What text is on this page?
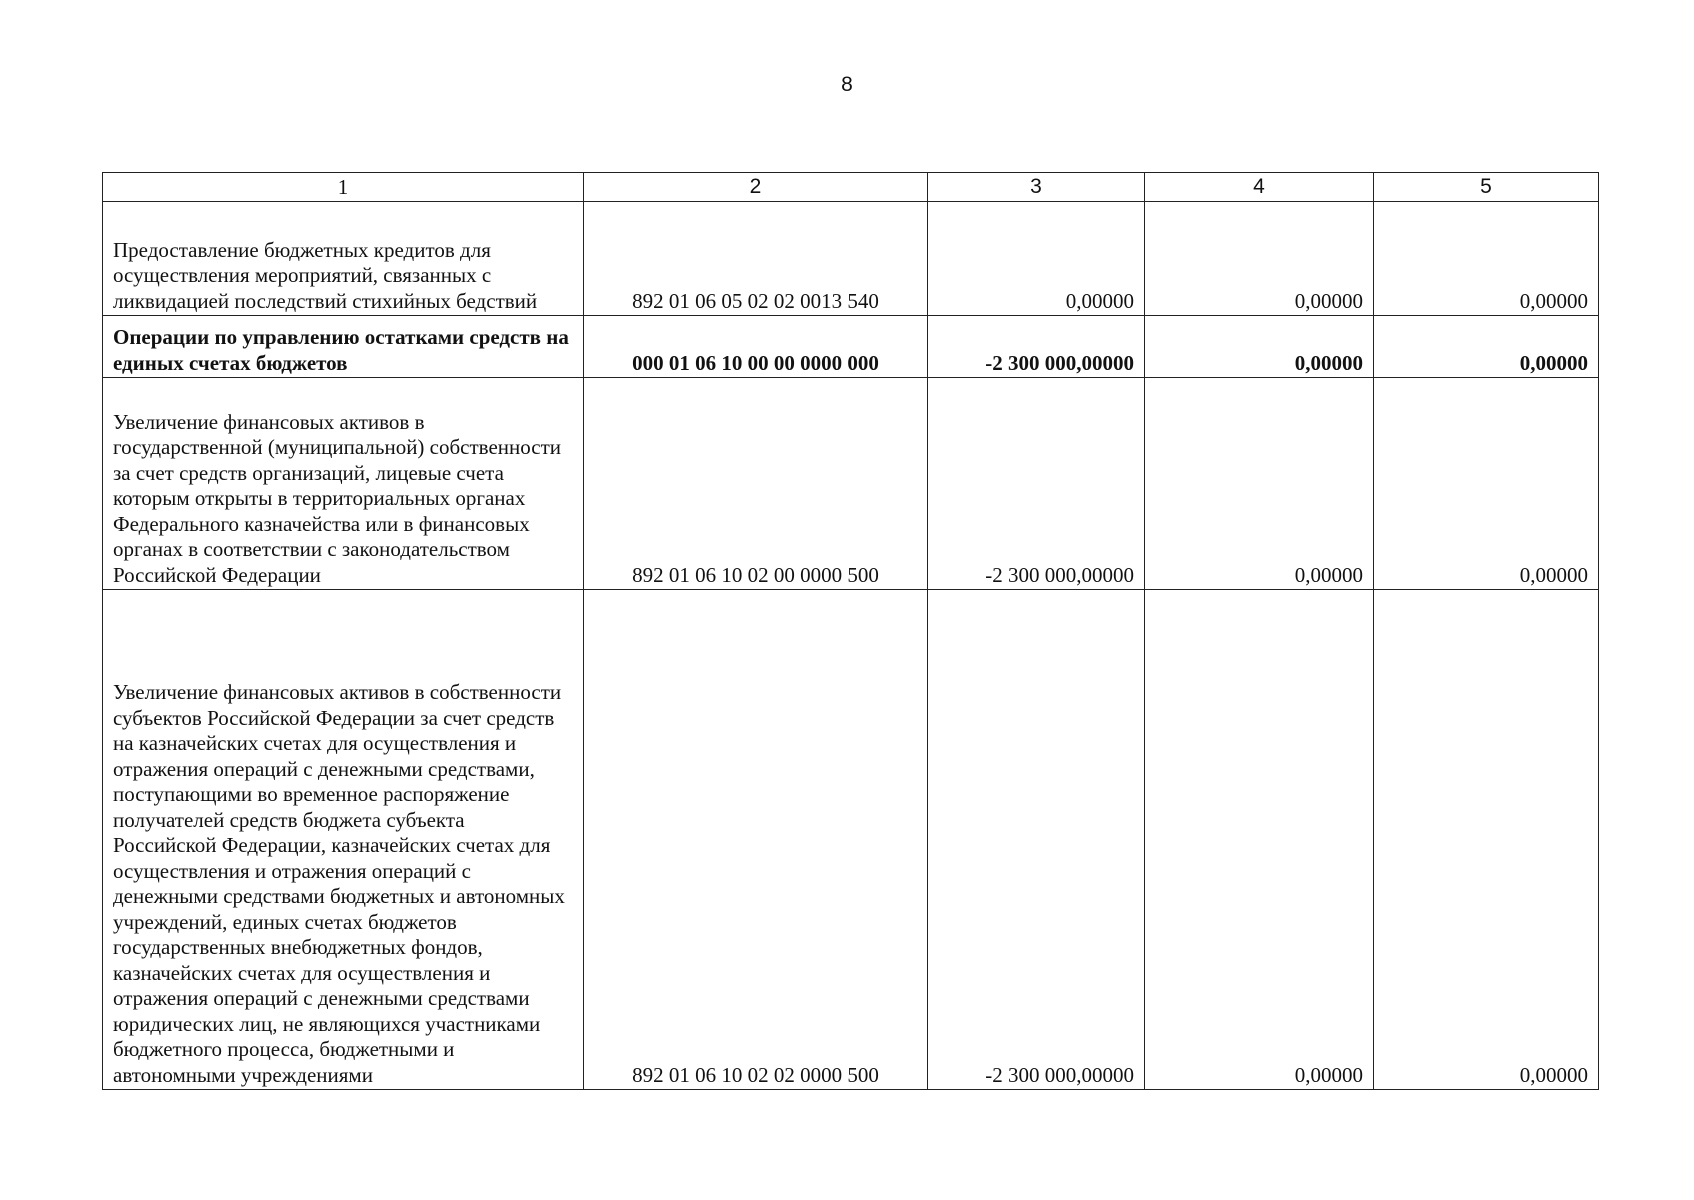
8
1	2	3	4	5
Предоставление бюджетных кредитов для осуществления мероприятий, связанных с ликвидацией последствий стихийных бедствий	892 01 06 05 02 02 0013 540	0,00000	0,00000	0,00000
Операции по управлению остатками средств на единых счетах бюджетов	000 01 06 10 00 00 0000 000	-2 300 000,00000	0,00000	0,00000
Увеличение финансовых активов в государственной (муниципальной) собственности за счет средств организаций, лицевые счета которым открыты в территориальных органах Федерального казначейства или в финансовых органах в соответствии с законодательством Российской Федерации	892 01 06 10 02 00 0000 500	-2 300 000,00000	0,00000	0,00000
Увеличение финансовых активов в собственности субъектов Российской Федерации за счет средств на казначейских счетах для осуществления и отражения операций с денежными средствами, поступающими во временное распоряжение получателей средств бюджета субъекта Российской Федерации, казначейских счетах для осуществления и отражения операций с денежными средствами бюджетных и автономных учреждений, единых счетах бюджетов государственных внебюджетных фондов, казначейских счетах для осуществления и отражения операций с денежными средствами юридических лиц, не являющихся участниками бюджетного процесса, бюджетными и автономными учреждениями	892 01 06 10 02 02 0000 500	-2 300 000,00000	0,00000	0,00000
